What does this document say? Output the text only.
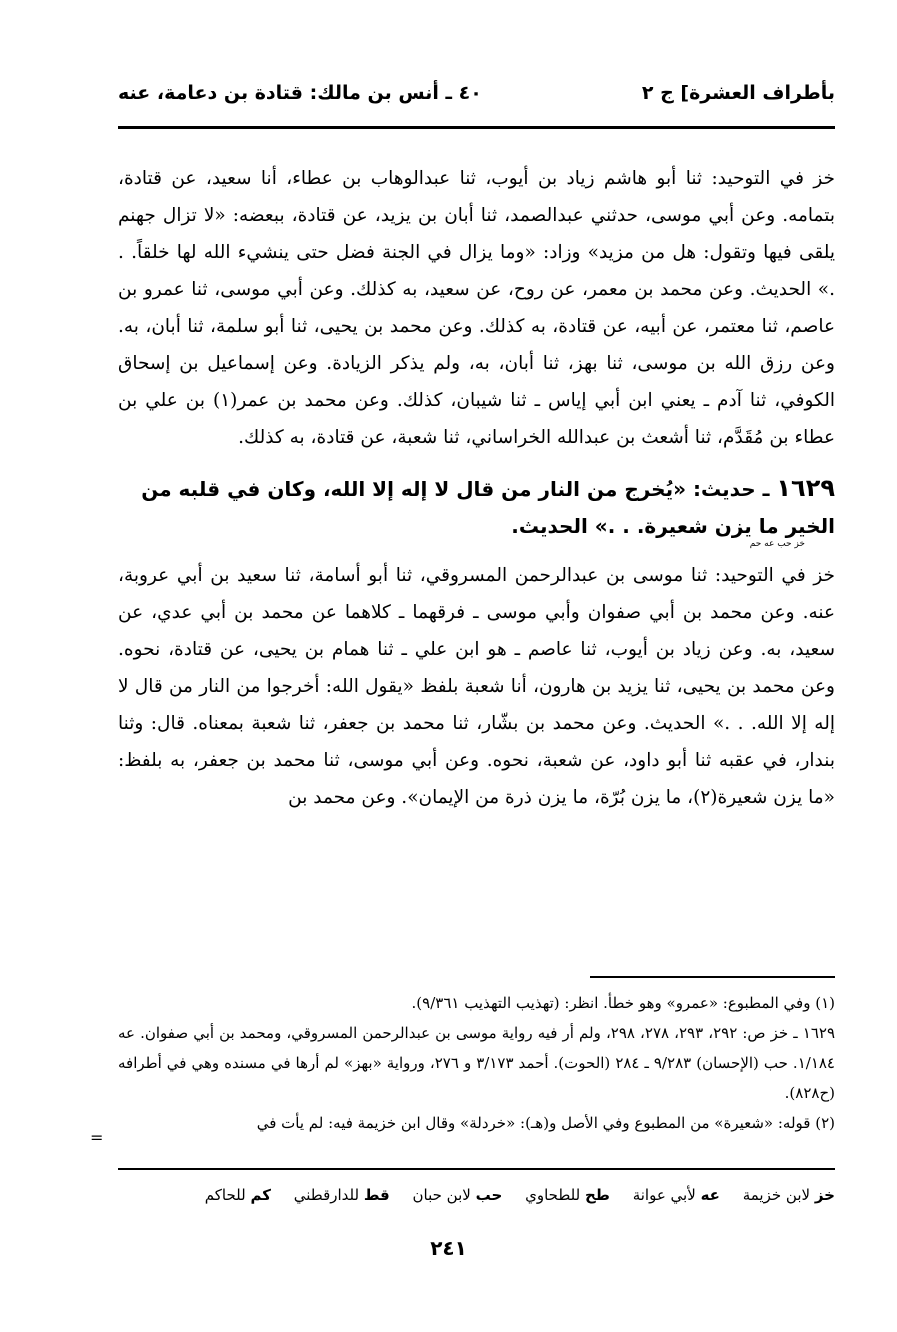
بأطراف العشرة] ج ٢
٤٠ ـ أنس بن مالك: قتادة بن دعامة، عنه

خز في التوحيد: ثنا أبو هاشم زياد بن أيوب، ثنا عبدالوهاب بن عطاء، أنا سعيد، عن قتادة، بتمامه. وعن أبي موسى، حدثني عبدالصمد، ثنا أبان بن يزيد، عن قتادة، ببعضه: «لا تزال جهنم يلقى فيها وتقول: هل من مزيد» وزاد: «وما يزال في الجنة فضل حتى ينشيء الله لها خلقاً. . .» الحديث. وعن محمد بن معمر، عن روح، عن سعيد، به كذلك. وعن أبي موسى، ثنا عمرو بن عاصم، ثنا معتمر، عن أبيه، عن قتادة، به كذلك. وعن محمد بن يحيى، ثنا أبو سلمة، ثنا أبان، به. وعن رزق الله بن موسى، ثنا بهز، ثنا أبان، به، ولم يذكر الزيادة. وعن إسماعيل بن إسحاق الكوفي، ثنا آدم ـ يعني ابن أبي إياس ـ ثنا شيبان، كذلك. وعن محمد بن عمر(١) بن علي بن عطاء بن مُقَدَّم، ثنا أشعث بن عبدالله الخراساني، ثنا شعبة، عن قتادة، به كذلك.

١٦٢٩ ـ حديث: «يُخرج من النار من قال لا إله إلا الله، وكان في قلبه من الخير ما يزن شعيرة. . .» الحديث.
خز حب عه حم

خز في التوحيد: ثنا موسى بن عبدالرحمن المسروقي، ثنا أبو أسامة، ثنا سعيد بن أبي عروبة، عنه. وعن محمد بن أبي صفوان وأبي موسى ـ فرقهما ـ كلاهما عن محمد بن أبي عدي، عن سعيد، به. وعن زياد بن أيوب، ثنا عاصم ـ هو ابن علي ـ ثنا همام بن يحيى، عن قتادة، نحوه. وعن محمد بن يحيى، ثنا يزيد بن هارون، أنا شعبة بلفظ «يقول الله: أخرجوا من النار من قال لا إله إلا الله. . .» الحديث. وعن محمد بن بشّار، ثنا محمد بن جعفر، ثنا شعبة بمعناه. قال: وثنا بندار، في عقبه ثنا أبو داود، عن شعبة، نحوه. وعن أبي موسى، ثنا محمد بن جعفر، به بلفظ: «ما يزن شعيرة(٢)، ما يزن بُرّة، ما يزن ذرة من الإيمان». وعن محمد بن

(١) وفي المطبوع: «عمرو» وهو خطأ. انظر: (تهذيب التهذيب ٩/٣٦١).

١٦٢٩ ـ خز ص: ٢٩٢، ٢٩٣، ٢٧٨، ٢٩٨، ولم أر فيه رواية موسى بن عبدالرحمن المسروقي، ومحمد بن أبي صفوان. عه ١/١٨٤. حب (الإحسان) ٩/٢٨٣ ـ ٢٨٤ (الحوت). أحمد ٣/١٧٣ و ٢٧٦، ورواية «بهز» لم أرها في مسنده وهي في أطرافه (ح٨٢٨).

(٢) قوله: «شعيرة» من المطبوع وفي الأصل و(هـ): «خردلة» وقال ابن خزيمة فيه: لم يأت في

=
خز لابن خزيمة عه لأبي عوانة طح للطحاوي حب لابن حبان قط للدارقطني كم للحاكم
٢٤١
